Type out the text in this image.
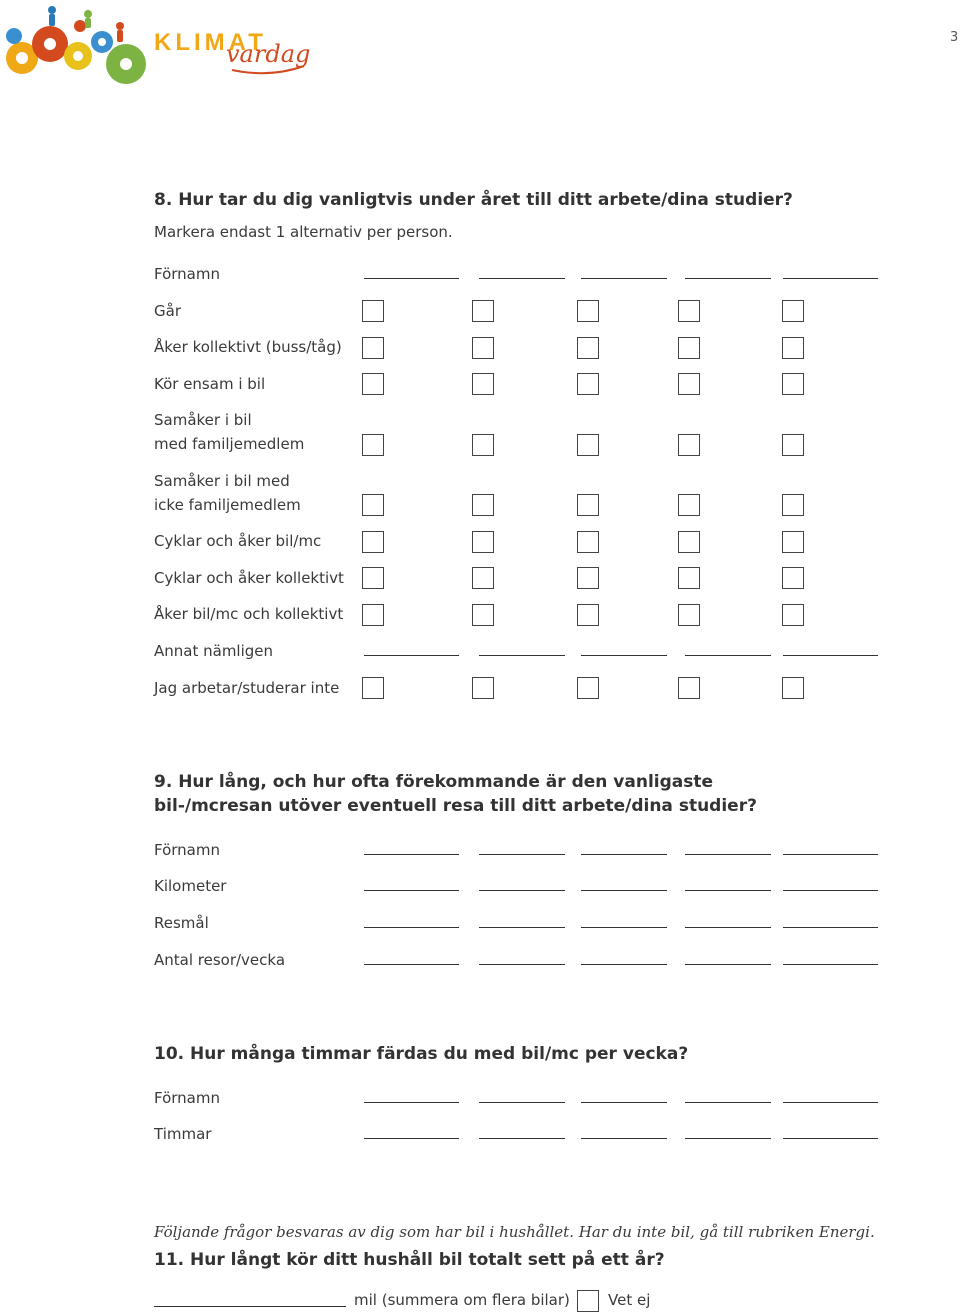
3
KLIMAT
vardag
8. Hur tar du dig vanligtvis under året till ditt arbete/dina studier?
Markera endast 1 alternativ per person.
Förnamn
Går
Åker kollektivt (buss/tåg)
Kör ensam i bil
Samåker i bil
med familjemedlem
Samåker i bil med
icke familjemedlem
Cyklar och åker bil/mc
Cyklar och åker kollektivt
Åker bil/mc och kollektivt
Annat nämligen
Jag arbetar/studerar inte
9. Hur lång, och hur ofta förekommande är den vanligaste
bil-/mcresan utöver eventuell resa till ditt arbete/dina studier?
Förnamn
Kilometer
Resmål
Antal resor/vecka
10. Hur många timmar färdas du med bil/mc per vecka?
Förnamn
Timmar
Följande frågor besvaras av dig som har bil i hushållet. Har du inte bil, gå till rubriken Energi.
11. Hur långt kör ditt hushåll bil totalt sett på ett år?
mil (summera om flera bilar)	Vet ej
